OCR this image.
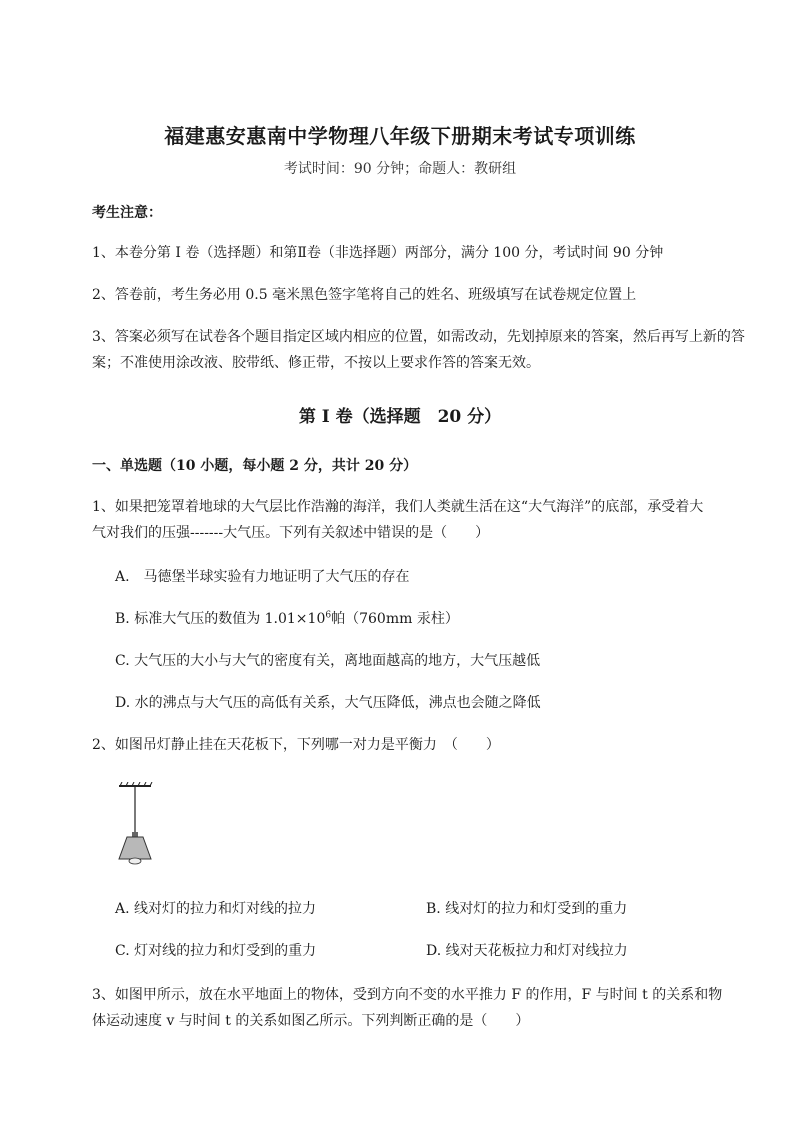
福建惠安惠南中学物理八年级下册期末考试专项训练
考试时间：90 分钟；命题人：教研组
考生注意：
1、本卷分第 I 卷（选择题）和第Ⅱ卷（非选择题）两部分，满分 100 分，考试时间 90 分钟
2、答卷前，考生务必用 0.5 毫米黑色签字笔将自己的姓名、班级填写在试卷规定位置上
3、答案必须写在试卷各个题目指定区域内相应的位置，如需改动，先划掉原来的答案，然后再写上新的答案；不准使用涂改液、胶带纸、修正带，不按以上要求作答的答案无效。
第 I 卷（选择题　20 分）
一、单选题（10 小题，每小题 2 分，共计 20 分）
1、如果把笼罩着地球的大气层比作浩瀚的海洋，我们人类就生活在这“大气海洋”的底部，承受着大
气对我们的压强-------大气压。下列有关叙述中错误的是（　　）
A.　马德堡半球实验有力地证明了大气压的存在
B. 标准大气压的数值为 $1.01\times 10^6$帕（760mm 汞柱）
C. 大气压的大小与大气的密度有关，离地面越高的地方，大气压越低
D. 水的沸点与大气压的高低有关系，大气压降低，沸点也会随之降低
2、如图吊灯静止挂在天花板下，下列哪一对力是平衡力　（　　）
A. 线对灯的拉力和灯对线的拉力	B. 线对灯的拉力和灯受到的重力
C. 灯对线的拉力和灯受到的重力	D. 线对天花板拉力和灯对线拉力
3、如图甲所示，放在水平地面上的物体，受到方向不变的水平推力 F 的作用，F 与时间 t 的关系和物
体运动速度 v 与时间 t 的关系如图乙所示。下列判断正确的是（　　）
